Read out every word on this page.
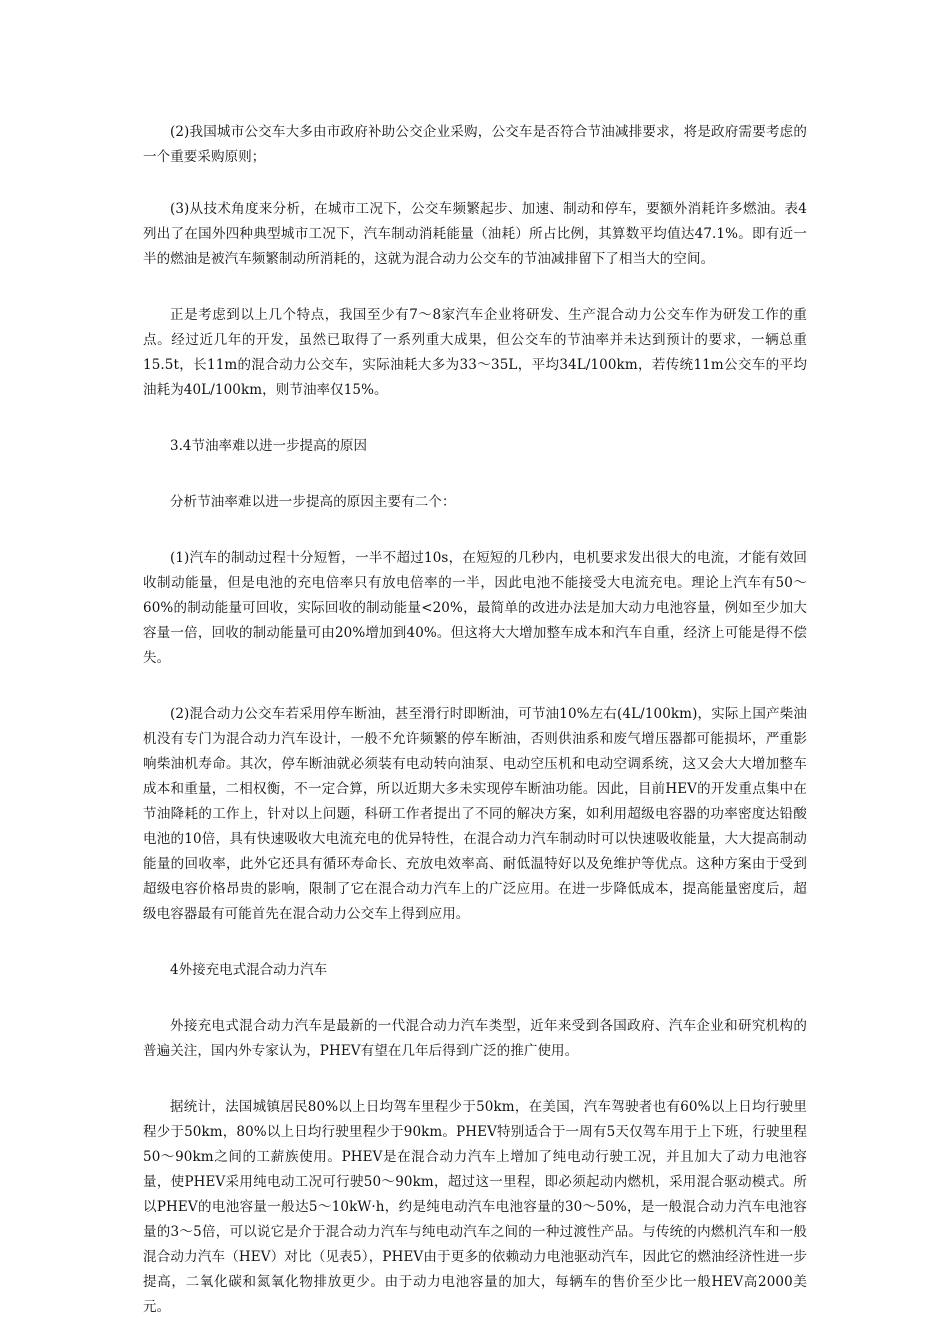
(2)我国城市公交车大多由市政府补助公交企业采购，公交车是否符合节油减排要求，将是政府需要考虑的一个重要采购原则；

(3)从技术角度来分析，在城市工况下，公交车频繁起步、加速、制动和停车，要额外消耗许多燃油。表4列出了在国外四种典型城市工况下，汽车制动消耗能量（油耗）所占比例，其算数平均值达47.1%。即有近一半的燃油是被汽车频繁制动所消耗的，这就为混合动力公交车的节油减排留下了相当大的空间。

正是考虑到以上几个特点，我国至少有7～8家汽车企业将研发、生产混合动力公交车作为研发工作的重点。经过近几年的开发，虽然已取得了一系列重大成果，但公交车的节油率并未达到预计的要求，一辆总重15.5t，长11m的混合动力公交车，实际油耗大多为33～35L，平均34L/100km，若传统11m公交车的平均油耗为40L/100km，则节油率仅15%。

3.4节油率难以进一步提高的原因

分析节油率难以进一步提高的原因主要有二个：

(1)汽车的制动过程十分短暂，一半不超过10s，在短短的几秒内，电机要求发出很大的电流，才能有效回收制动能量，但是电池的充电倍率只有放电倍率的一半，因此电池不能接受大电流充电。理论上汽车有50～60%的制动能量可回收，实际回收的制动能量<20%，最简单的改进办法是加大动力电池容量，例如至少加大容量一倍，回收的制动能量可由20%增加到40%。但这将大大增加整车成本和汽车自重，经济上可能是得不偿失。

(2)混合动力公交车若采用停车断油，甚至滑行时即断油，可节油10%左右(4L/100km)，实际上国产柴油机没有专门为混合动力汽车设计，一般不允许频繁的停车断油，否则供油系和废气增压器都可能损坏，严重影响柴油机寿命。其次，停车断油就必须装有电动转向油泵、电动空压机和电动空调系统，这又会大大增加整车成本和重量，二相权衡，不一定合算，所以近期大多未实现停车断油功能。因此，目前HEV的开发重点集中在节油降耗的工作上，针对以上问题，科研工作者提出了不同的解决方案，如利用超级电容器的功率密度达铅酸电池的10倍，具有快速吸收大电流充电的优异特性，在混合动力汽车制动时可以快速吸收能量，大大提高制动能量的回收率，此外它还具有循环寿命长、充放电效率高、耐低温特好以及免维护等优点。这种方案由于受到超级电容价格昂贵的影响，限制了它在混合动力汽车上的广泛应用。在进一步降低成本，提高能量密度后，超级电容器最有可能首先在混合动力公交车上得到应用。

4外接充电式混合动力汽车

外接充电式混合动力汽车是最新的一代混合动力汽车类型，近年来受到各国政府、汽车企业和研究机构的普遍关注，国内外专家认为，PHEV有望在几年后得到广泛的推广使用。

据统计，法国城镇居民80%以上日均驾车里程少于50km，在美国，汽车驾驶者也有60%以上日均行驶里程少于50km，80%以上日均行驶里程少于90km。PHEV特别适合于一周有5天仅驾车用于上下班，行驶里程50～90km之间的工薪族使用。PHEV是在混合动力汽车上增加了纯电动行驶工况，并且加大了动力电池容量，使PHEV采用纯电动工况可行驶50～90km，超过这一里程，即必须起动内燃机，采用混合驱动模式。所以PHEV的电池容量一般达5～10kW·h，约是纯电动汽车电池容量的30～50%，是一般混合动力汽车电池容量的3～5倍，可以说它是介于混合动力汽车与纯电动汽车之间的一种过渡性产品。与传统的内燃机汽车和一般混合动力汽车（HEV）对比（见表5），PHEV由于更多的依赖动力电池驱动汽车，因此它的燃油经济性进一步提高，二氧化碳和氮氧化物排放更少。由于动力电池容量的加大，每辆车的售价至少比一般HEV高2000美元。
